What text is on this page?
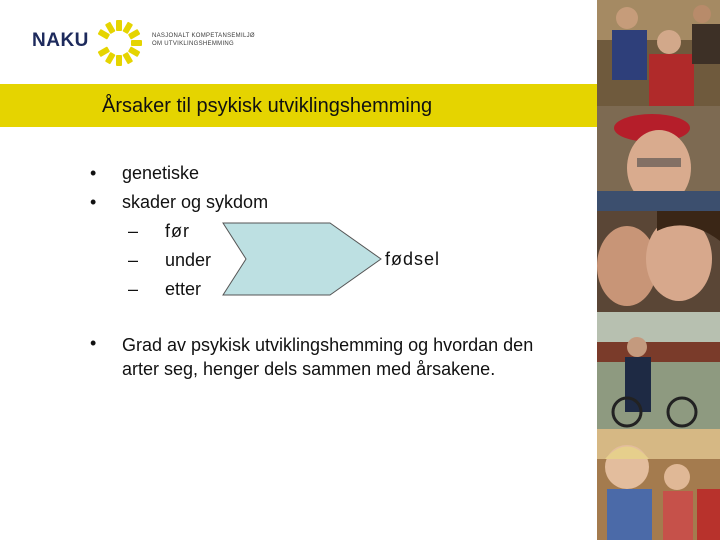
NAKU	NASJONALT KOMPETANSEMILJØ
OM UTVIKLINGSHEMMING
Årsaker til psykisk utviklingshemming
• genetiske
• skader og sykdom
– før
– under
– etter
fødsel
• Grad av psykisk utviklingshemming og hvordan den arter seg, henger dels sammen med årsakene.
